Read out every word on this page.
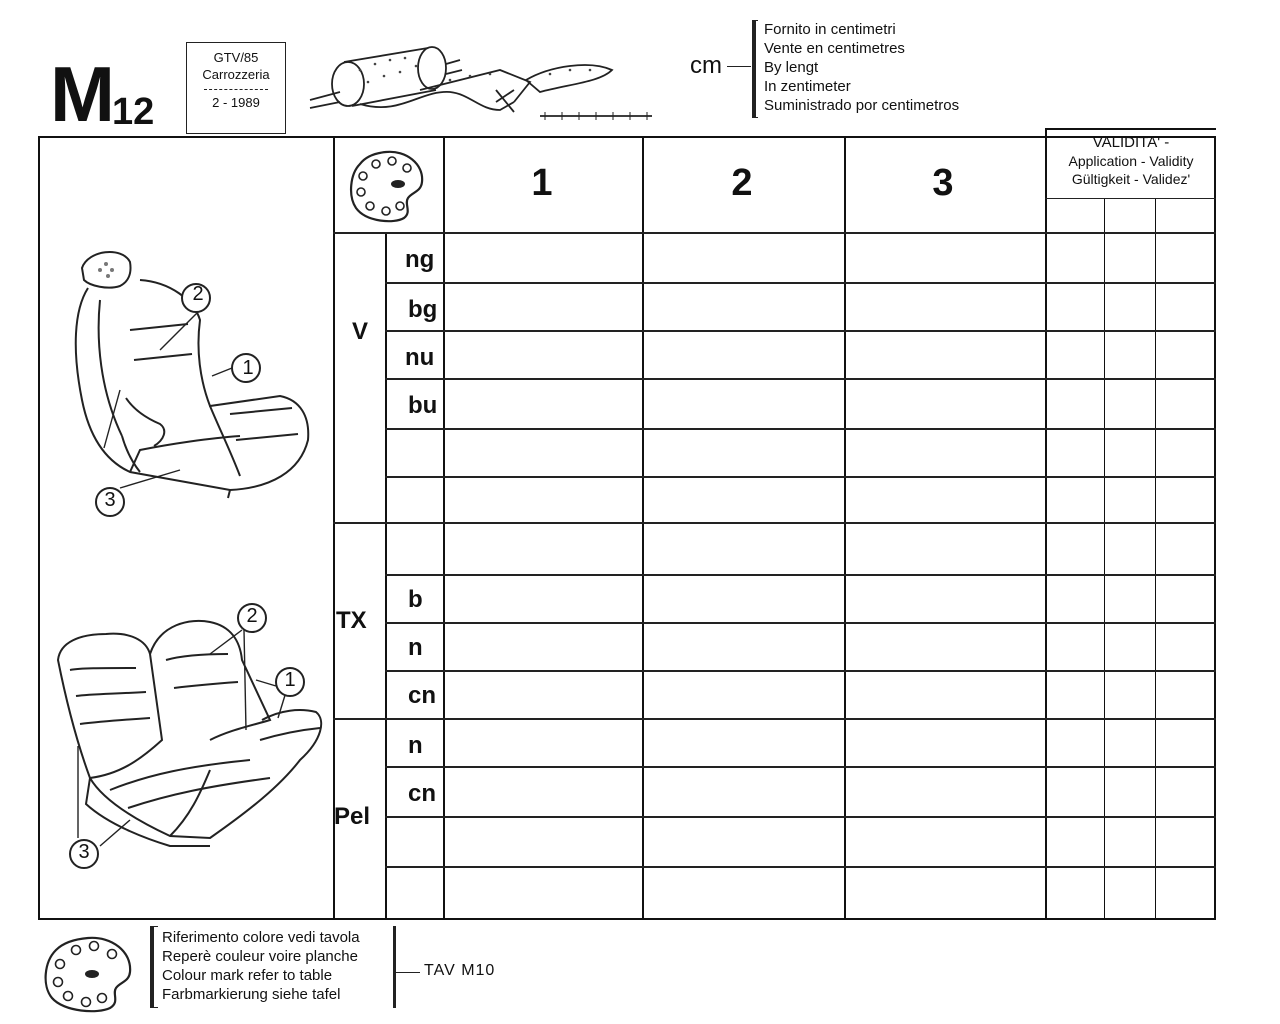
M 12
GTV/85
Carrozzeria
2 - 1989
cm
Fornito in centimetri
Vente en centimetres
By lengt
In zentimeter
Suministrado por centimetros
1	2	3
VALIDITA' -
Application - Validity
Gültigkeit - Validez'
V
TX
Pel
ng
bg
nu
bu
b
n
cn
n
cn
2
1
3
2
1
3
Riferimento colore vedi tavola
Reperè couleur voire planche
Colour mark refer to table
Farbmarkierung siehe tafel
TAV M10
